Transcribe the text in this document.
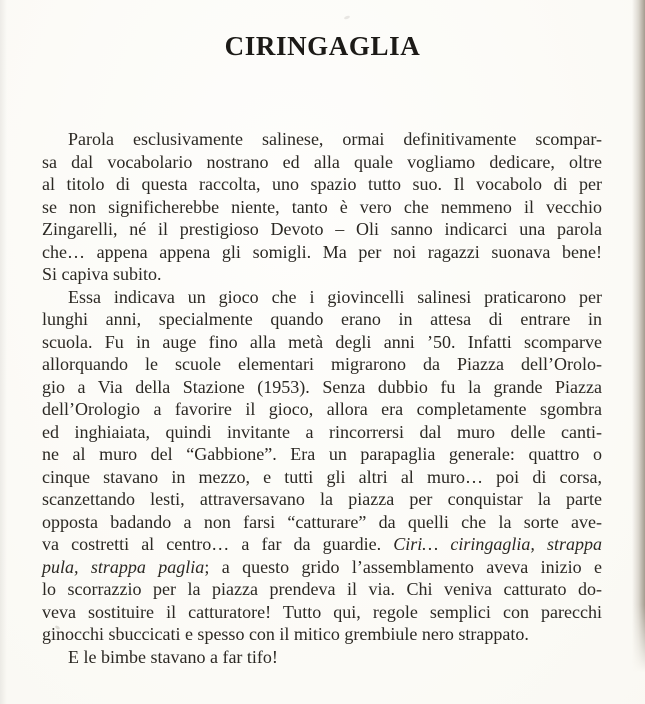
CIRINGAGLIA
Parola esclusivamente salinese, ormai definitivamente scompar-
sa dal vocabolario nostrano ed alla quale vogliamo dedicare, oltre
al titolo di questa raccolta, uno spazio tutto suo. Il vocabolo di per
se non significherebbe niente, tanto è vero che nemmeno il vecchio
Zingarelli, né il prestigioso Devoto – Oli sanno indicarci una parola
che… appena appena gli somigli. Ma per noi ragazzi suonava bene!
Si capiva subito.
Essa indicava un gioco che i giovincelli salinesi praticarono per
lunghi anni, specialmente quando erano in attesa di entrare in
scuola. Fu in auge fino alla metà degli anni ’50. Infatti scomparve
allorquando le scuole elementari migrarono da Piazza dell’Orolo-
gio a Via della Stazione (1953). Senza dubbio fu la grande Piazza
dell’Orologio a favorire il gioco, allora era completamente sgombra
ed inghiaiata, quindi invitante a rincorrersi dal muro delle canti-
ne al muro del “Gabbione”. Era un parapaglia generale: quattro o
cinque stavano in mezzo, e tutti gli altri al muro… poi di corsa,
scanzettando lesti, attraversavano la piazza per conquistar la parte
opposta badando a non farsi “catturare” da quelli che la sorte ave-
va costretti al centro… a far da guardie. Ciri… ciringaglia, strappa
pula, strappa paglia; a questo grido l’assemblamento aveva inizio e
lo scorrazzio per la piazza prendeva il via. Chi veniva catturato do-
veva sostituire il catturatore! Tutto qui, regole semplici con parecchi
ginocchi sbuccicati e spesso con il mitico grembiule nero strappato.
E le bimbe stavano a far tifo!
